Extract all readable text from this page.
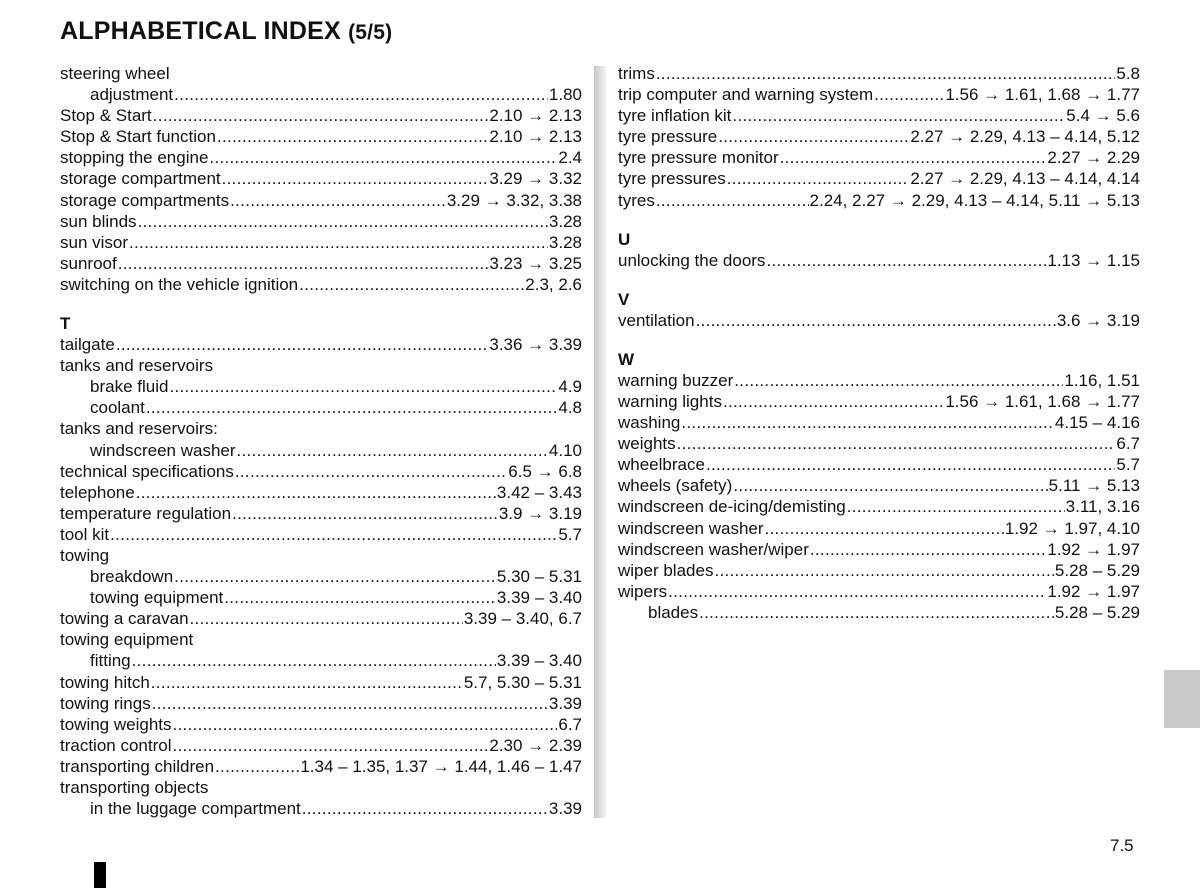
ALPHABETICAL INDEX (5/5)
steering wheel
adjustment .....	1.80
Stop & Start .....	2.10 → 2.13
Stop & Start function .....	2.10 → 2.13
stopping the engine .....	2.4
storage compartment .....	3.29 → 3.32
storage compartments .....	3.29 → 3.32, 3.38
sun blinds .....	3.28
sun visor .....	3.28
sunroof .....	3.23 → 3.25
switching on the vehicle ignition .....	2.3, 2.6
T
tailgate .....	3.36 → 3.39
tanks and reservoirs
brake fluid .....	4.9
coolant .....	4.8
tanks and reservoirs:
windscreen washer .....	4.10
technical specifications .....	6.5 → 6.8
telephone .....	3.42 – 3.43
temperature regulation .....	3.9 → 3.19
tool kit .....	5.7
towing
breakdown .....	5.30 – 5.31
towing equipment .....	3.39 – 3.40
towing a caravan .....	3.39 – 3.40, 6.7
towing equipment
fitting .....	3.39 – 3.40
towing hitch .....	5.7, 5.30 – 5.31
towing rings .....	3.39
towing weights .....	6.7
traction control .....	2.30 → 2.39
transporting children .....	1.34 – 1.35, 1.37 → 1.44, 1.46 – 1.47
transporting objects
in the luggage compartment .....	3.39
trims .....	5.8
trip computer and warning system .....	1.56 → 1.61, 1.68 → 1.77
tyre inflation kit .....	5.4 → 5.6
tyre pressure .....	2.27 → 2.29, 4.13 – 4.14, 5.12
tyre pressure monitor .....	2.27 → 2.29
tyre pressures .....	2.27 → 2.29, 4.13 – 4.14, 4.14
tyres .....	2.24, 2.27 → 2.29, 4.13 – 4.14, 5.11 → 5.13
U
unlocking the doors .....	1.13 → 1.15
V
ventilation .....	3.6 → 3.19
W
warning buzzer .....	1.16, 1.51
warning lights .....	1.56 → 1.61, 1.68 → 1.77
washing .....	4.15 – 4.16
weights .....	6.7
wheelbrace .....	5.7
wheels (safety) .....	5.11 → 5.13
windscreen de-icing/demisting .....	3.11, 3.16
windscreen washer .....	1.92 → 1.97, 4.10
windscreen washer/wiper .....	1.92 → 1.97
wiper blades .....	5.28 – 5.29
wipers .....	1.92 → 1.97
blades .....	5.28 – 5.29
7.5
